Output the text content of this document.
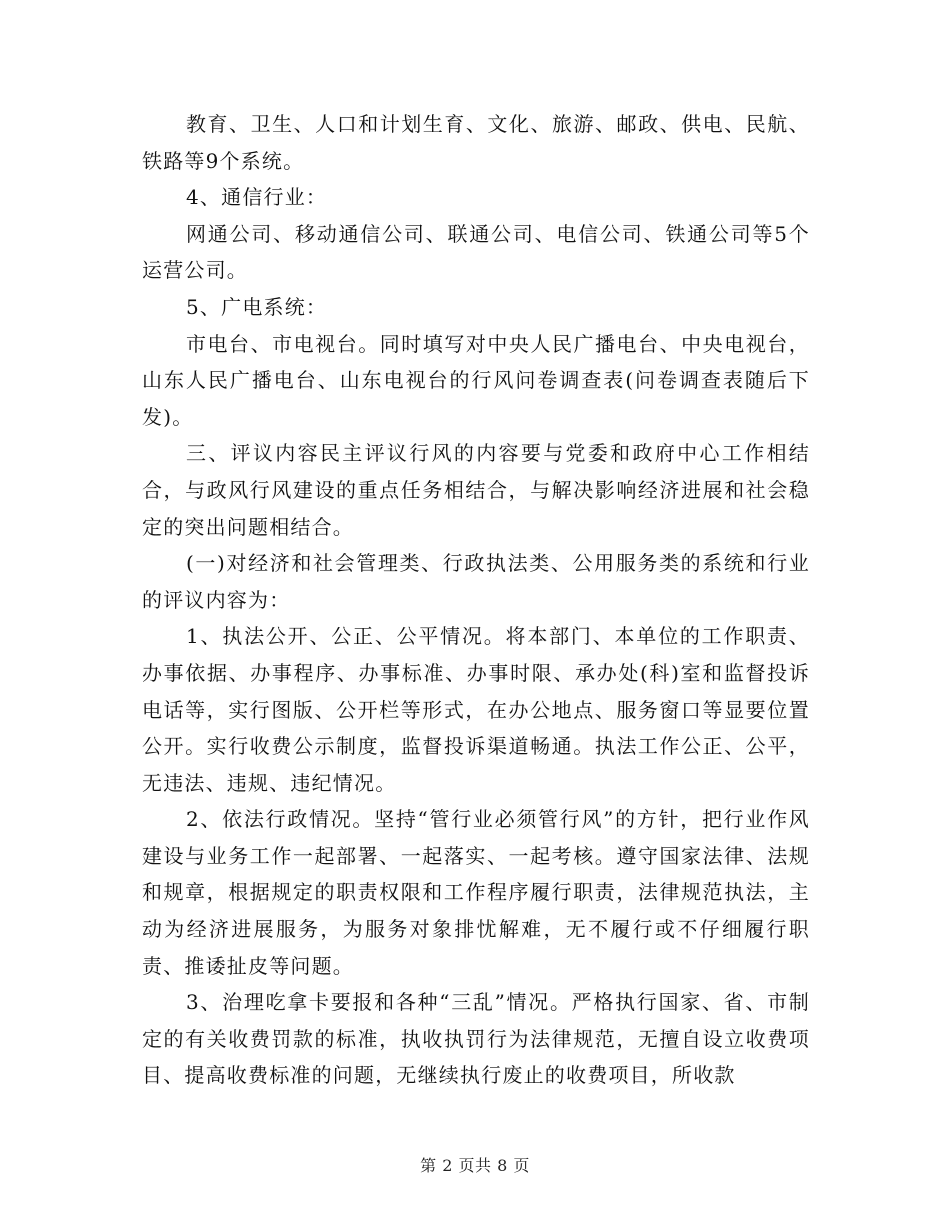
教育、卫生、人口和计划生育、文化、旅游、邮政、供电、民航、铁路等9个系统。

4、通信行业：

网通公司、移动通信公司、联通公司、电信公司、铁通公司等5个运营公司。

5、广电系统：

市电台、市电视台。同时填写对中央人民广播电台、中央电视台，山东人民广播电台、山东电视台的行风问卷调查表(问卷调查表随后下发)。

三、评议内容民主评议行风的内容要与党委和政府中心工作相结合，与政风行风建设的重点任务相结合，与解决影响经济进展和社会稳定的突出问题相结合。

(一)对经济和社会管理类、行政执法类、公用服务类的系统和行业的评议内容为：

1、执法公开、公正、公平情况。将本部门、本单位的工作职责、办事依据、办事程序、办事标准、办事时限、承办处(科)室和监督投诉电话等，实行图版、公开栏等形式，在办公地点、服务窗口等显要位置公开。实行收费公示制度，监督投诉渠道畅通。执法工作公正、公平，无违法、违规、违纪情况。

2、依法行政情况。坚持“管行业必须管行风”的方针，把行业作风建设与业务工作一起部署、一起落实、一起考核。遵守国家法律、法规和规章，根据规定的职责权限和工作程序履行职责，法律规范执法，主动为经济进展服务，为服务对象排忧解难，无不履行或不仔细履行职责、推诿扯皮等问题。

3、治理吃拿卡要报和各种“三乱”情况。严格执行国家、省、市制定的有关收费罚款的标准，执收执罚行为法律规范，无擅自设立收费项目、提高收费标准的问题，无继续执行废止的收费项目，所收款

第 2 页共 8 页
